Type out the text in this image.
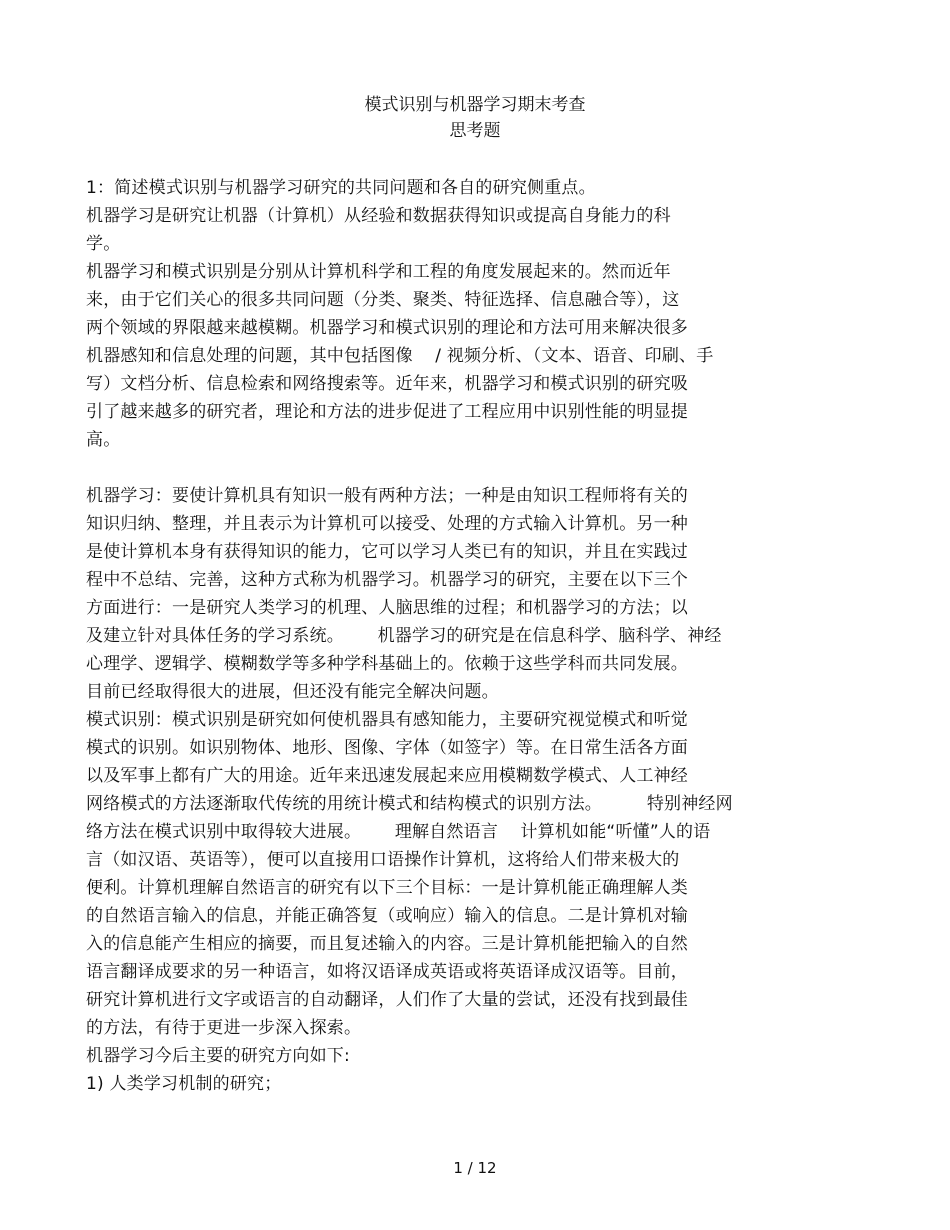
模式识别与机器学习期末考查
思考题
1：简述模式识别与机器学习研究的共同问题和各自的研究侧重点。
机器学习是研究让机器（计算机）从经验和数据获得知识或提高自身能力的科
学。
机器学习和模式识别是分别从计算机科学和工程的角度发展起来的。然而近年
来，由于它们关心的很多共同问题（分类、聚类、特征选择、信息融合等），这
两个领域的界限越来越模糊。机器学习和模式识别的理论和方法可用来解决很多
机器感知和信息处理的问题，其中包括图像    / 视频分析、（文本、语音、印刷、手
写）文档分析、信息检索和网络搜索等。近年来，机器学习和模式识别的研究吸
引了越来越多的研究者，理论和方法的进步促进了工程应用中识别性能的明显提
高。
机器学习：要使计算机具有知识一般有两种方法；一种是由知识工程师将有关的
知识归纳、整理，并且表示为计算机可以接受、处理的方式输入计算机。另一种
是使计算机本身有获得知识的能力，它可以学习人类已有的知识，并且在实践过
程中不总结、完善，这种方式称为机器学习。机器学习的研究，主要在以下三个
方面进行：一是研究人类学习的机理、人脑思维的过程；和机器学习的方法；以
及建立针对具体任务的学习系统。      机器学习的研究是在信息科学、脑科学、神经
心理学、逻辑学、模糊数学等多种学科基础上的。依赖于这些学科而共同发展。
目前已经取得很大的进展，但还没有能完全解决问题。
模式识别：模式识别是研究如何使机器具有感知能力，主要研究视觉模式和听觉
模式的识别。如识别物体、地形、图像、字体（如签字）等。在日常生活各方面
以及军事上都有广大的用途。近年来迅速发展起来应用模糊数学模式、人工神经
网络模式的方法逐渐取代传统的用统计模式和结构模式的识别方法。        特别神经网
络方法在模式识别中取得较大进展。      理解自然语言    计算机如能“听懂”人的语
言（如汉语、英语等），便可以直接用口语操作计算机，这将给人们带来极大的
便利。计算机理解自然语言的研究有以下三个目标：一是计算机能正确理解人类
的自然语言输入的信息，并能正确答复（或响应）输入的信息。二是计算机对输
入的信息能产生相应的摘要，而且复述输入的内容。三是计算机能把输入的自然
语言翻译成要求的另一种语言，如将汉语译成英语或将英语译成汉语等。目前，
研究计算机进行文字或语言的自动翻译，人们作了大量的尝试，还没有找到最佳
的方法，有待于更进一步深入探索。
机器学习今后主要的研究方向如下:
1) 人类学习机制的研究；
1 / 12
